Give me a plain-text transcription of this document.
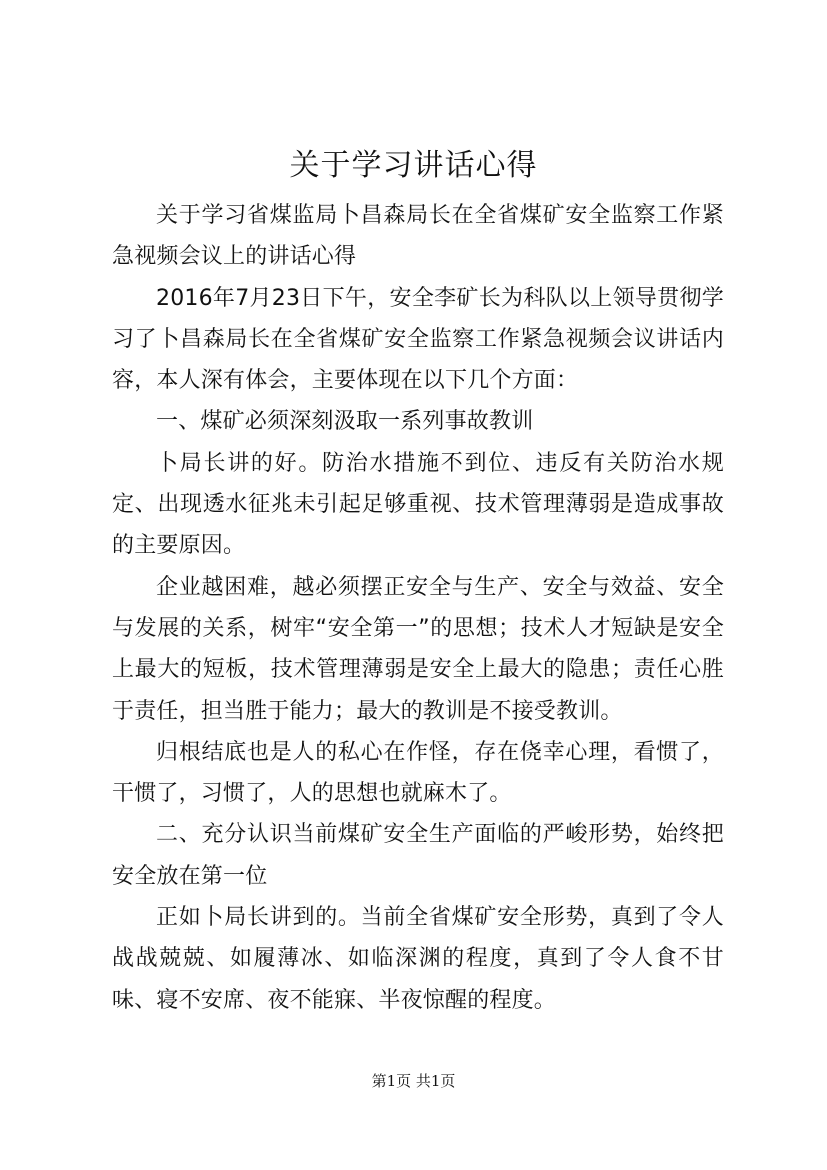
关于学习讲话心得

关于学习省煤监局卜昌森局长在全省煤矿安全监察工作紧急视频会议上的讲话心得

2016年7月23日下午，安全李矿长为科队以上领导贯彻学习了卜昌森局长在全省煤矿安全监察工作紧急视频会议讲话内容，本人深有体会，主要体现在以下几个方面：

一、煤矿必须深刻汲取一系列事故教训

卜局长讲的好。防治水措施不到位、违反有关防治水规定、出现透水征兆未引起足够重视、技术管理薄弱是造成事故的主要原因。

企业越困难，越必须摆正安全与生产、安全与效益、安全与发展的关系，树牢“安全第一”的思想；技术人才短缺是安全上最大的短板，技术管理薄弱是安全上最大的隐患；责任心胜于责任，担当胜于能力；最大的教训是不接受教训。

归根结底也是人的私心在作怪，存在侥幸心理，看惯了，干惯了，习惯了，人的思想也就麻木了。

二、充分认识当前煤矿安全生产面临的严峻形势，始终把安全放在第一位

正如卜局长讲到的。当前全省煤矿安全形势，真到了令人战战兢兢、如履薄冰、如临深渊的程度，真到了令人食不甘味、寝不安席、夜不能寐、半夜惊醒的程度。

第1页 共1页
